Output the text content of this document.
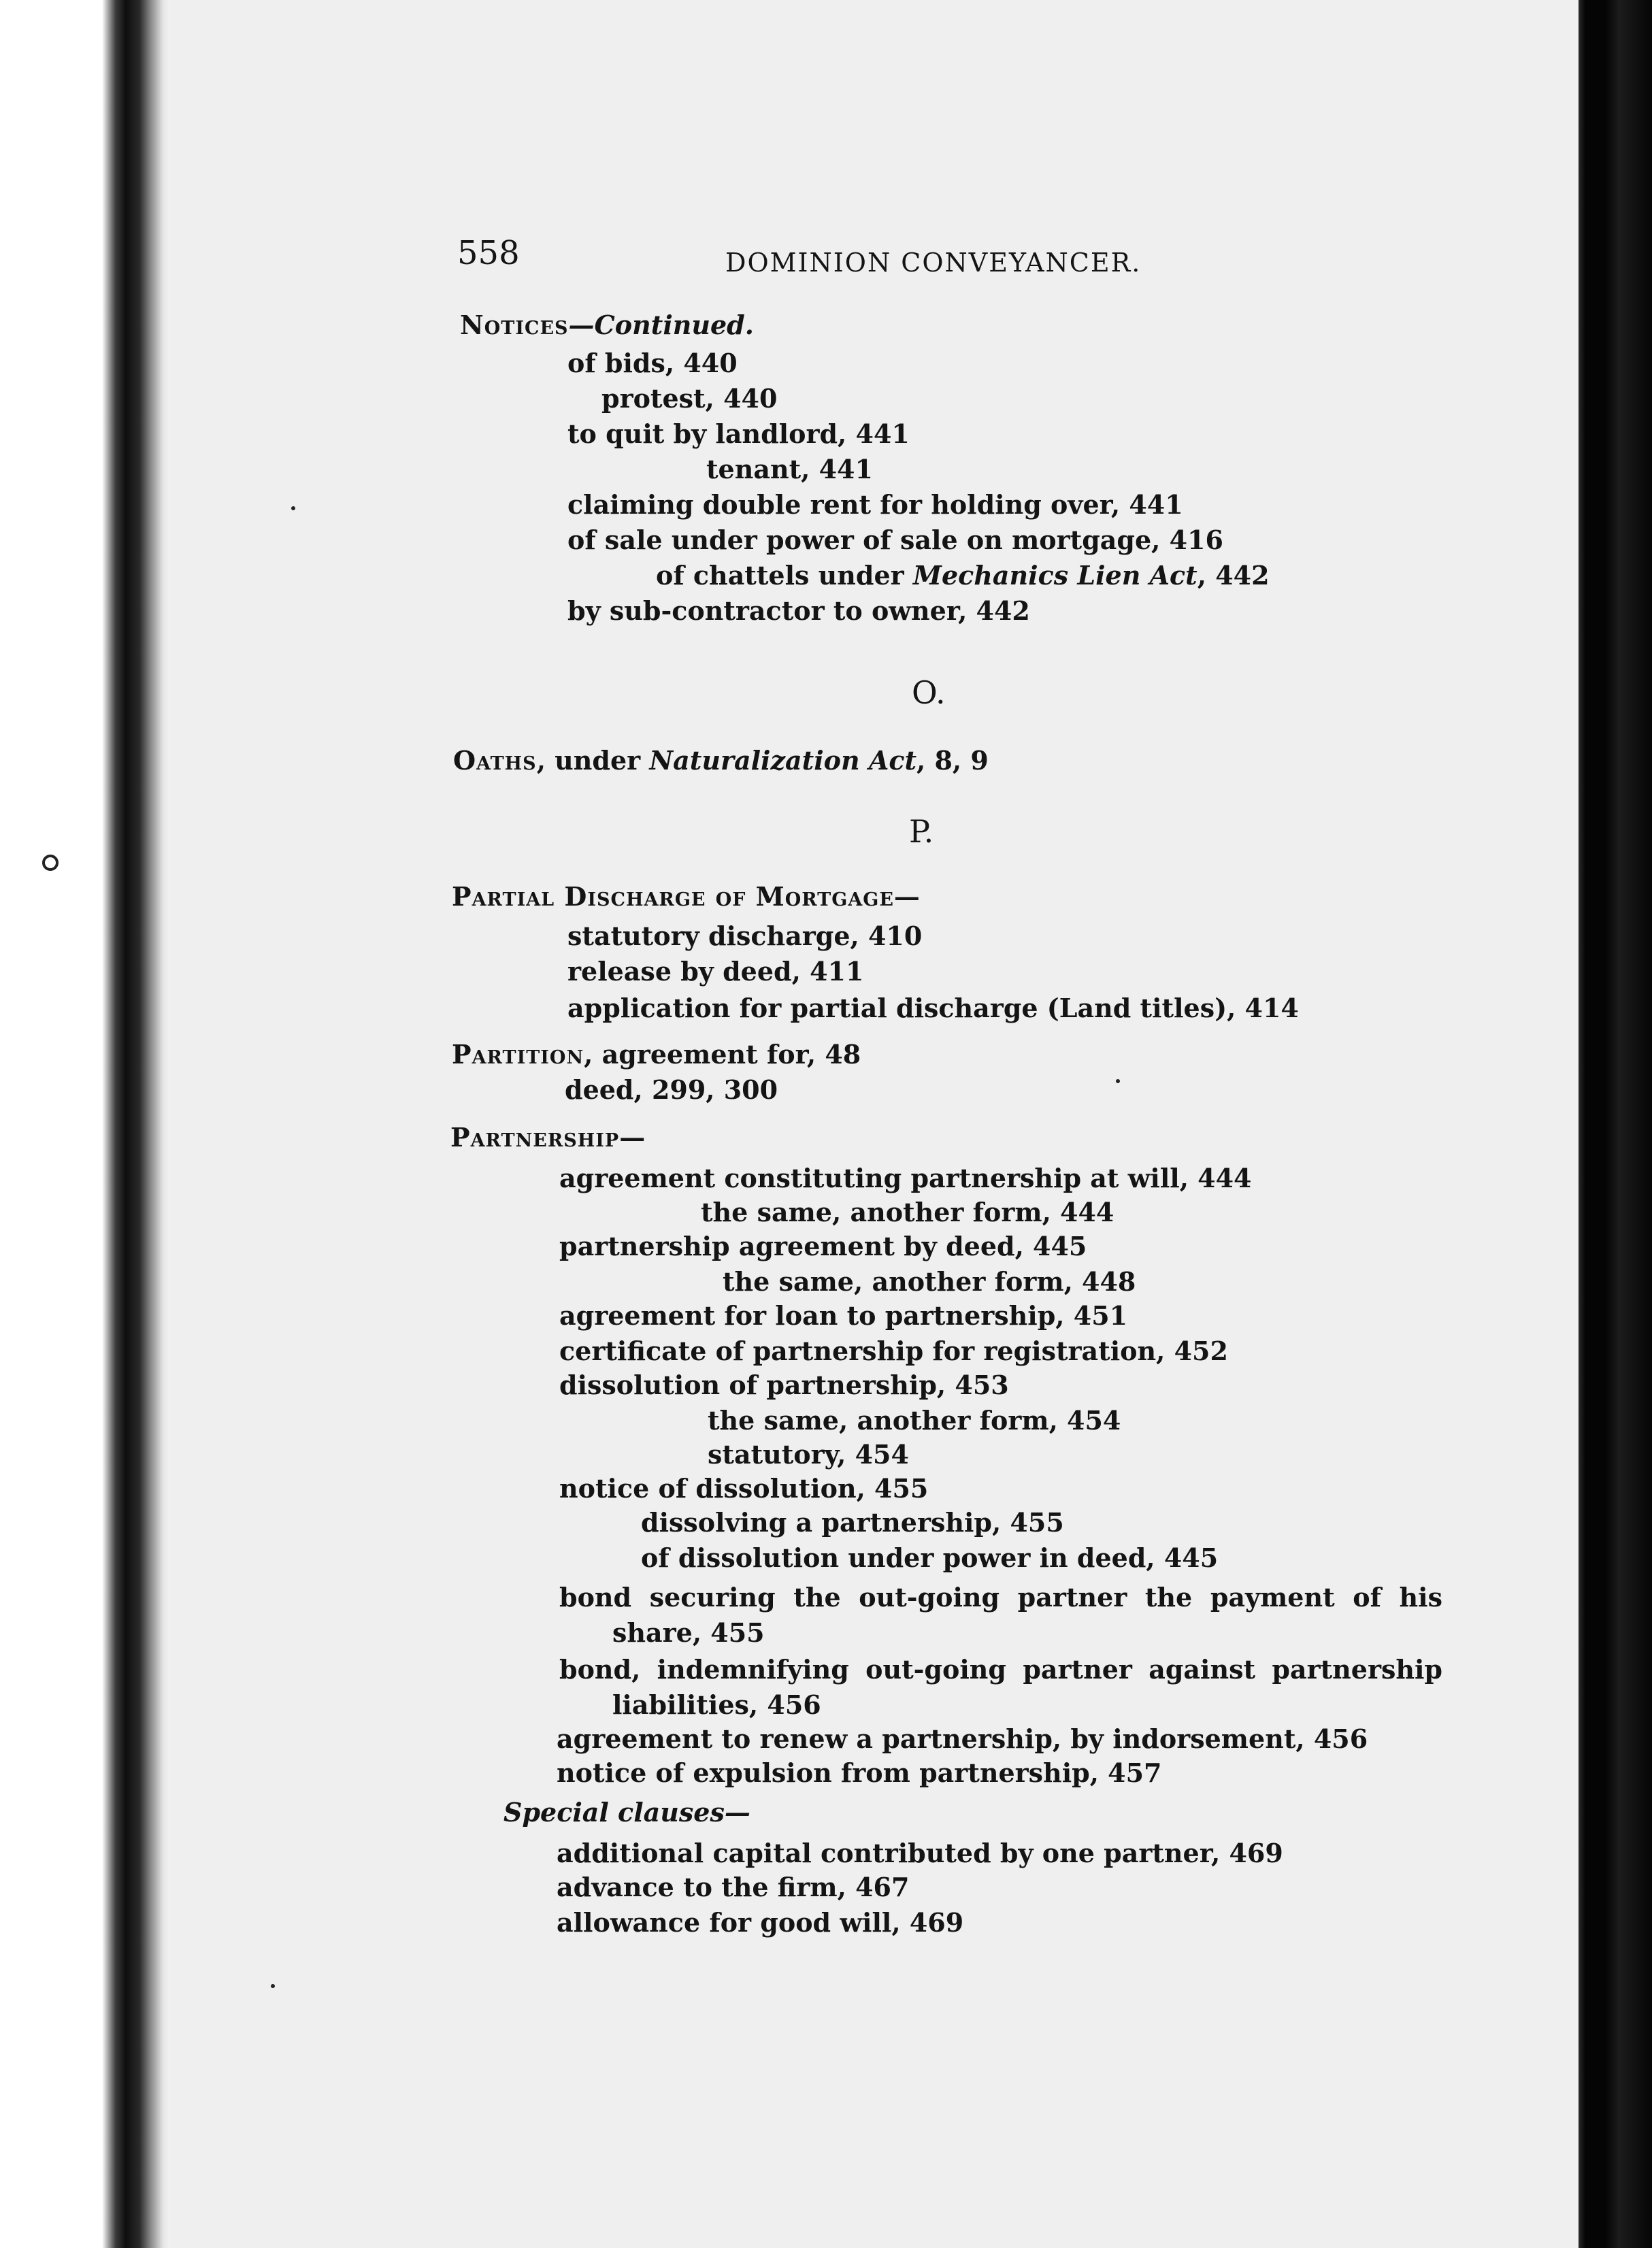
558	DOMINION CONVEYANCER.

Notices—Continued.

of bids, 440

protest, 440

to quit by landlord, 441

tenant, 441

claiming double rent for holding over, 441

of sale under power of sale on mortgage, 416

of chattels under Mechanics Lien Act, 442

by sub-contractor to owner, 442

O.

Oaths, under Naturalization Act, 8, 9

P.

Partial Discharge of Mortgage—

statutory discharge, 410

release by deed, 411

application for partial discharge (Land titles), 414

Partition, agreement for, 48

deed, 299, 300

Partnership—

agreement constituting partnership at will, 444

the same, another form, 444

partnership agreement by deed, 445

the same, another form, 448

agreement for loan to partnership, 451

certificate of partnership for registration, 452

dissolution of partnership, 453

the same, another form, 454

statutory, 454

notice of dissolution, 455

dissolving a partnership, 455

of dissolution under power in deed, 445

bond securing the out-going partner the payment of his share, 455

bond, indemnifying out-going partner against partnership liabilities, 456

agreement to renew a partnership, by indorsement, 456

notice of expulsion from partnership, 457

Special clauses—

additional capital contributed by one partner, 469

advance to the firm, 467

allowance for good will, 469
